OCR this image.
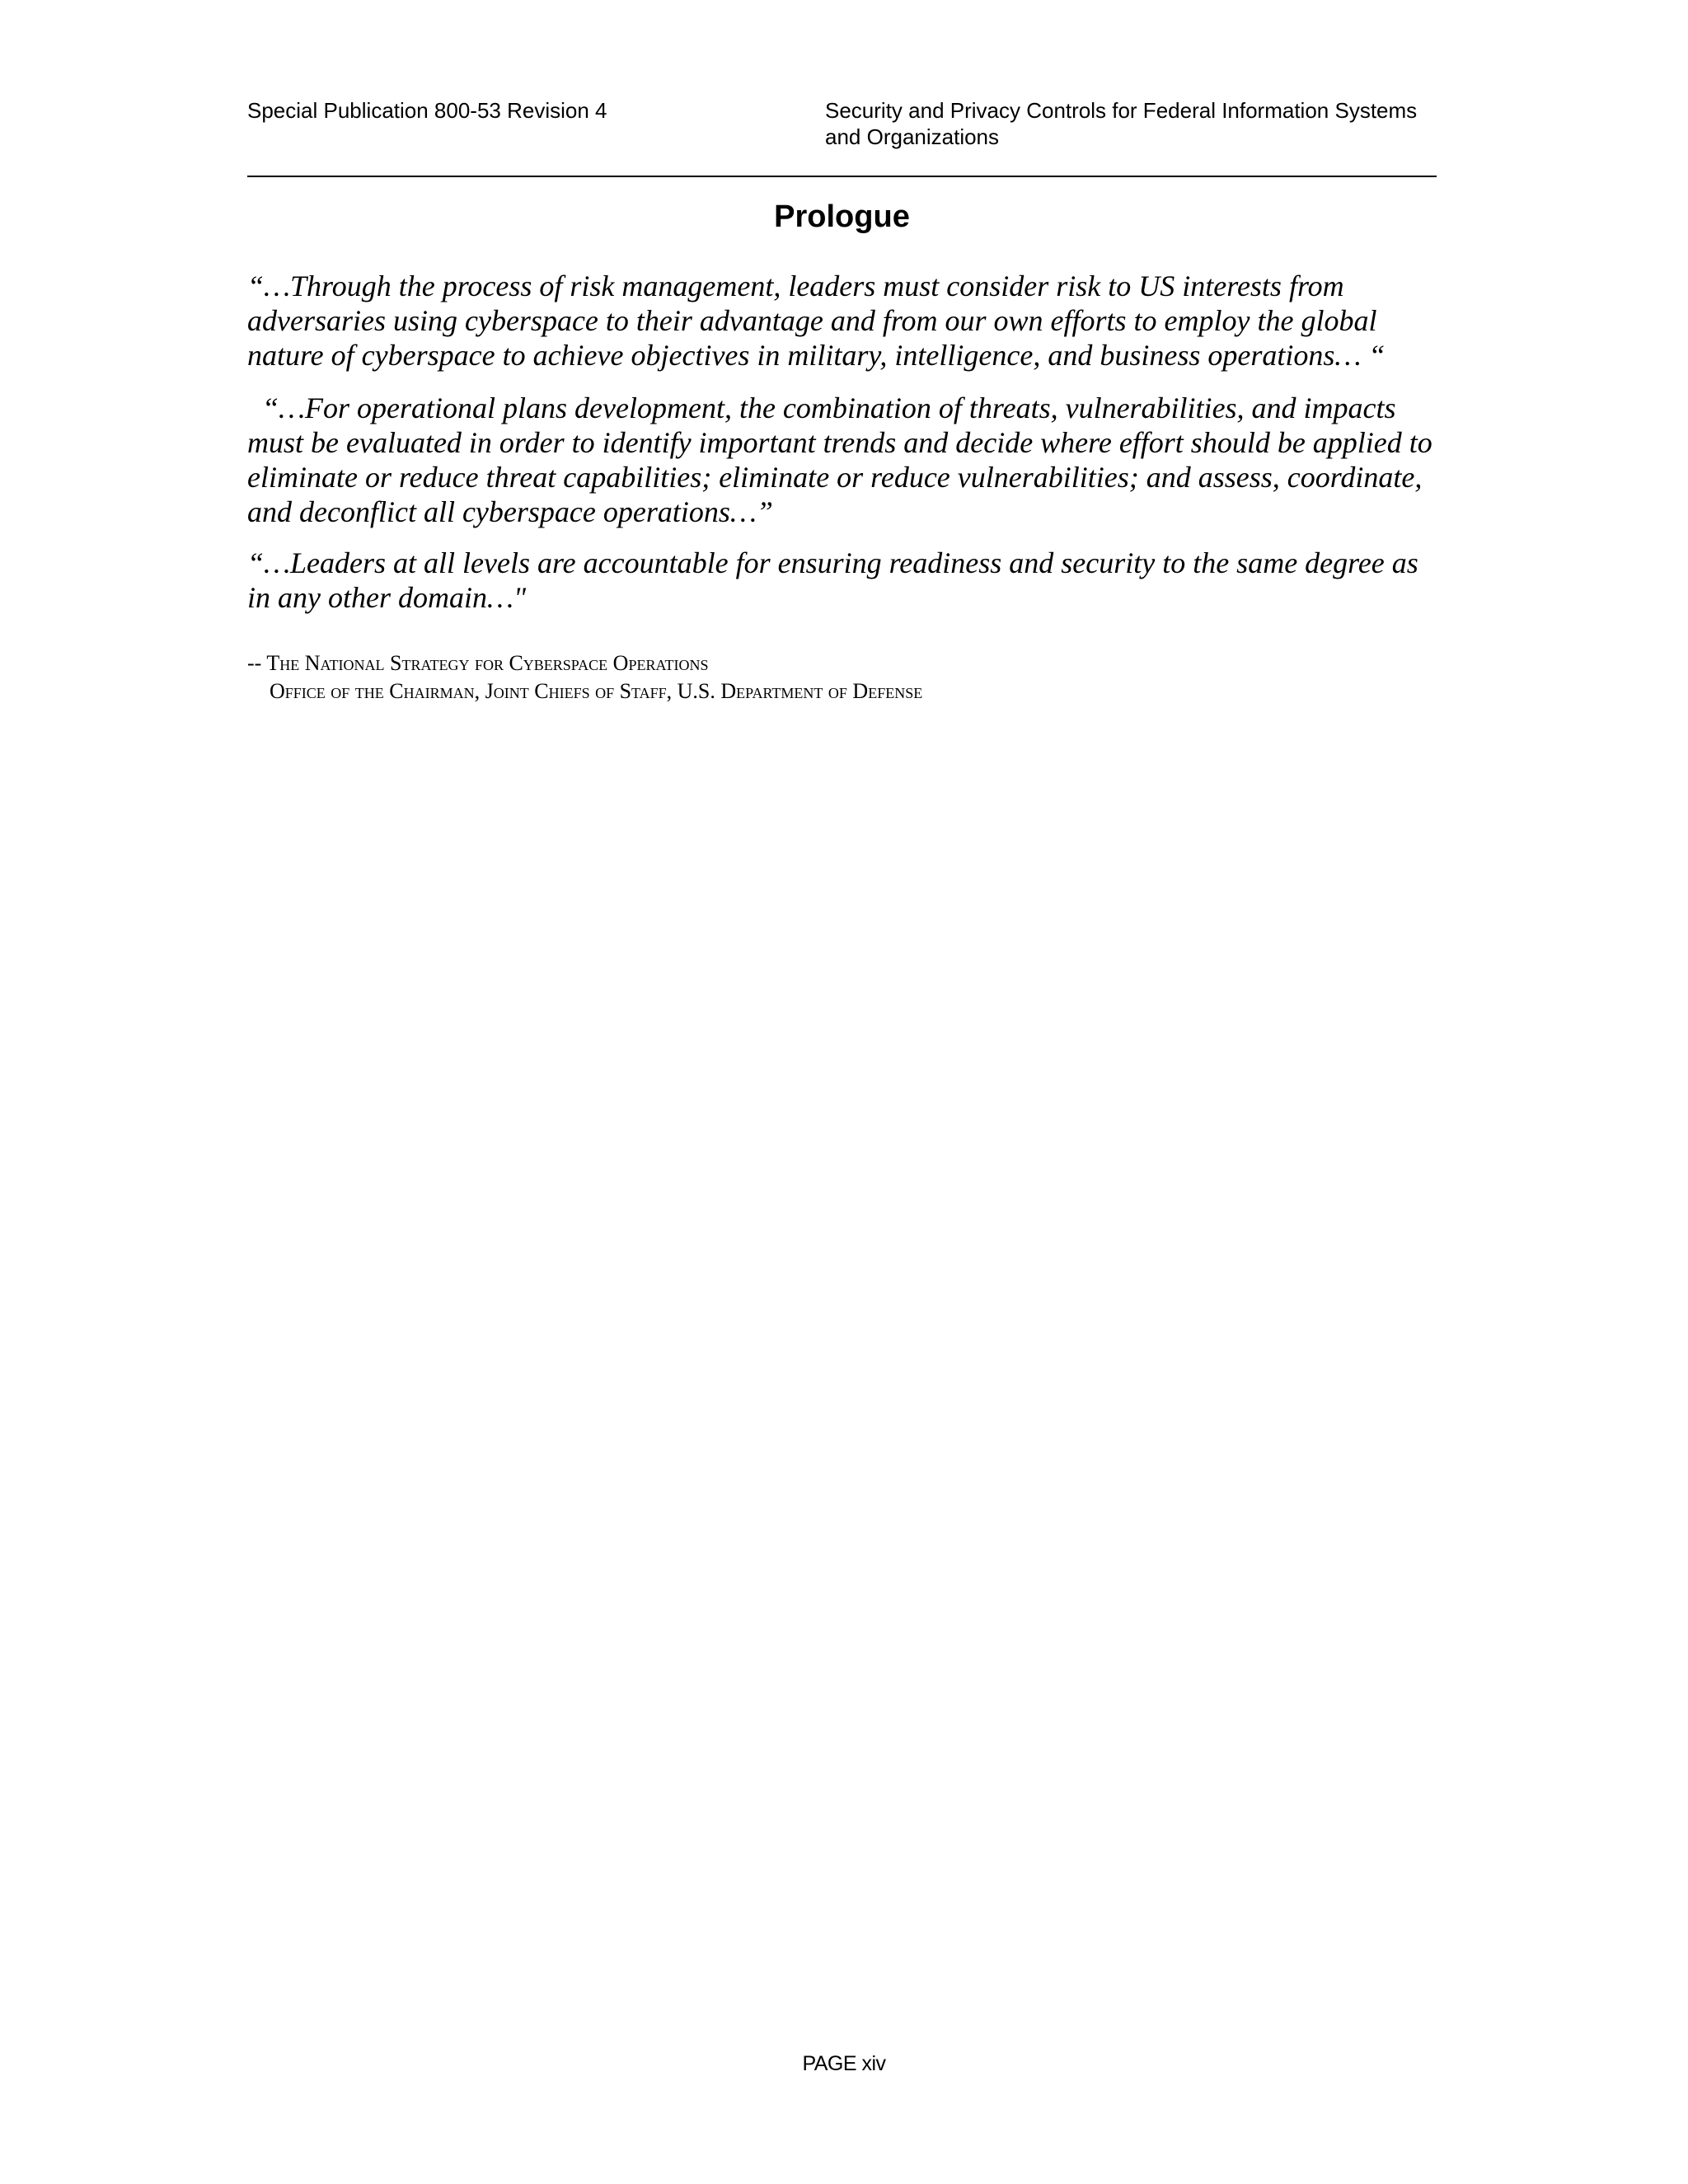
Special Publication 800-53 Revision 4	Security and Privacy Controls for Federal Information Systems and Organizations
Prologue

“…Through the process of risk management, leaders must consider risk to US interests from adversaries using cyberspace to their advantage and from our own efforts to employ the global nature of cyberspace to achieve objectives in military, intelligence, and business operations… “

“…For operational plans development, the combination of threats, vulnerabilities, and impacts must be evaluated in order to identify important trends and decide where effort should be applied to eliminate or reduce threat capabilities; eliminate or reduce vulnerabilities; and assess, coordinate, and deconflict all cyberspace operations…”

“…Leaders at all levels are accountable for ensuring readiness and security to the same degree as in any other domain…"

-- The National Strategy for Cyberspace Operations
Office of the Chairman, Joint Chiefs of Staff, U.S. Department of Defense
PAGE xiv
